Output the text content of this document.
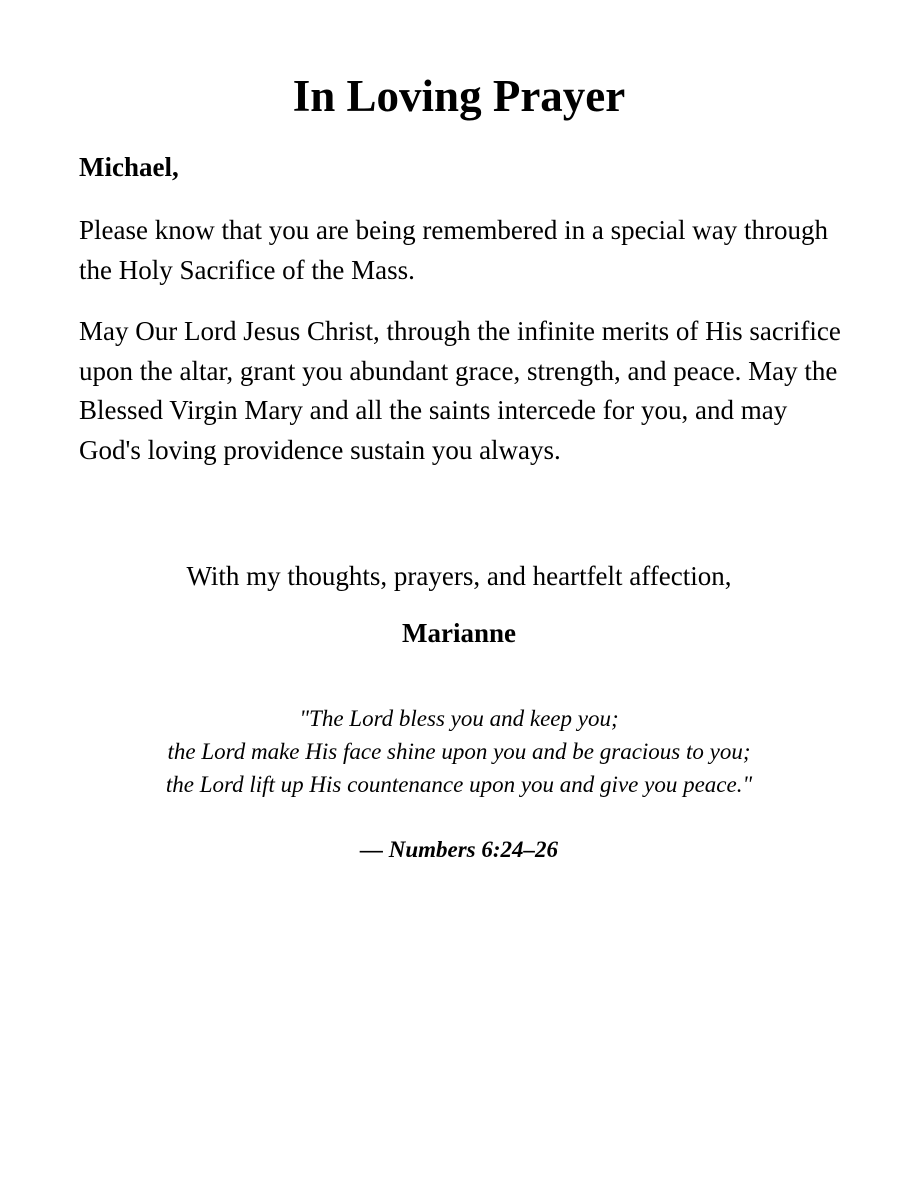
In Loving Prayer

Michael,

Please know that you are being remembered in a special way through the Holy Sacrifice of the Mass.

May Our Lord Jesus Christ, through the infinite merits of His sacrifice upon the altar, grant you abundant grace, strength, and peace. May the Blessed Virgin Mary and all the saints intercede for you, and may God's loving providence sustain you always.

With my thoughts, prayers, and heartfelt affection,

Marianne

"The Lord bless you and keep you;
the Lord make His face shine upon you and be gracious to you;
the Lord lift up His countenance upon you and give you peace."

— Numbers 6:24–26
